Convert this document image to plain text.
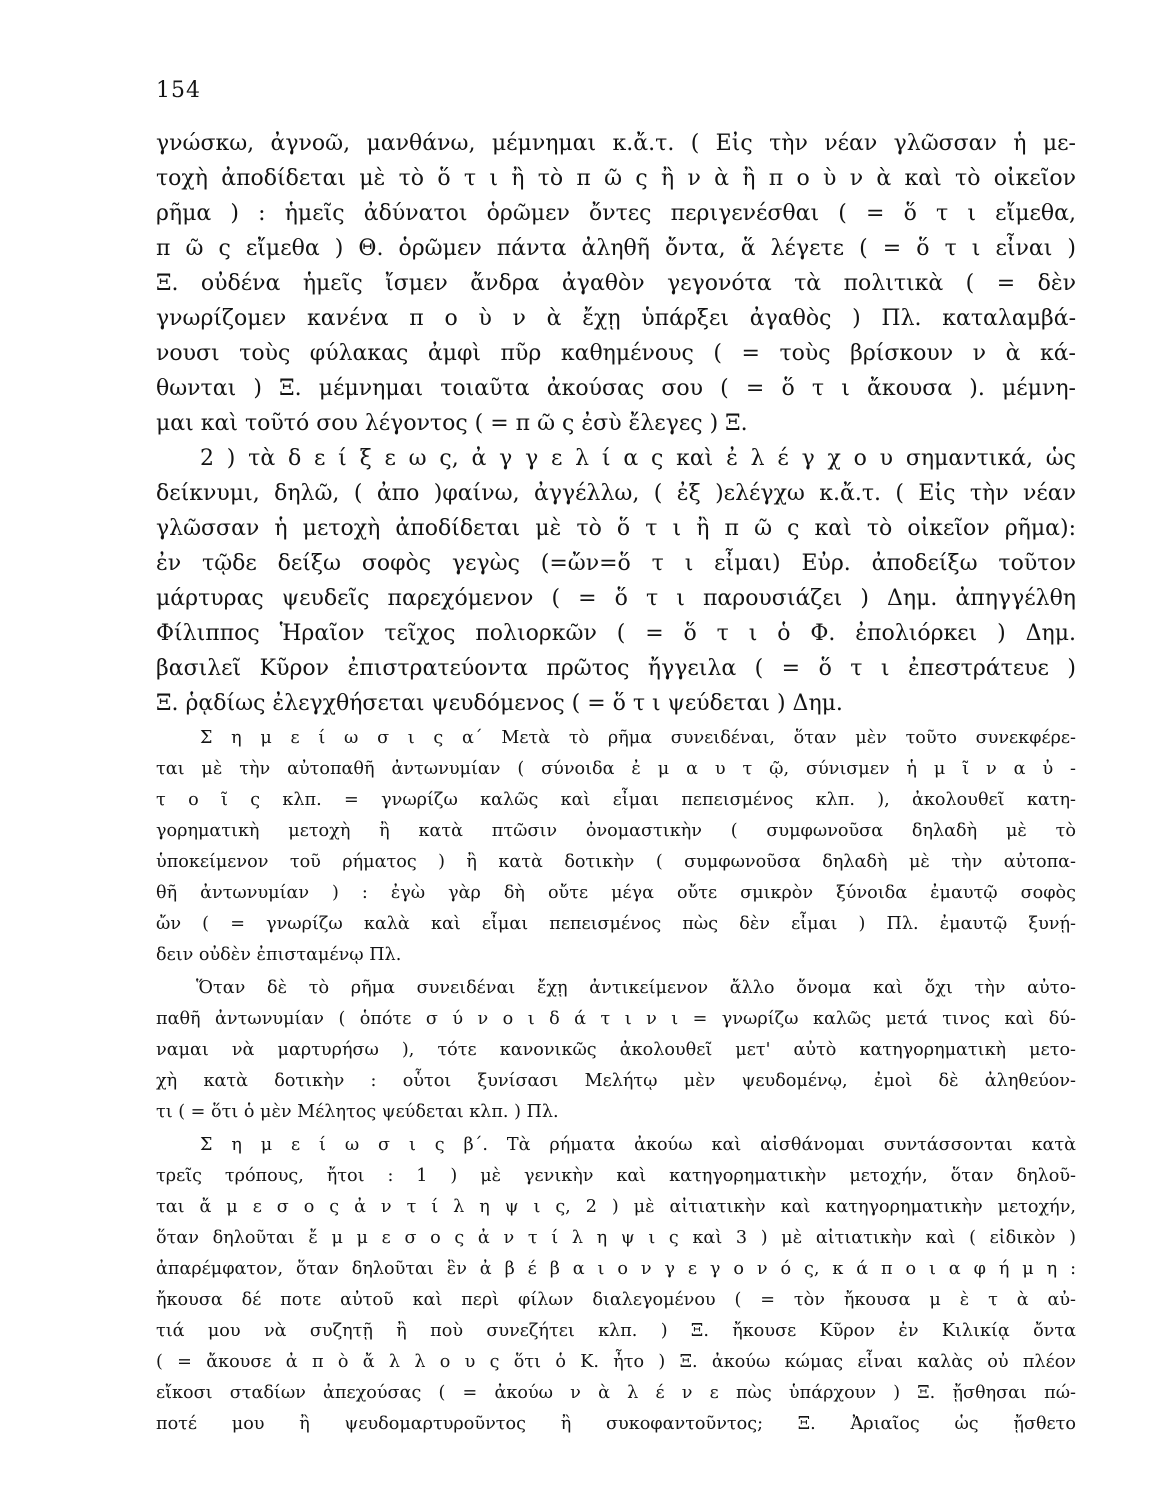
154
γνώσκω, ἀγνοῶ, μανθάνω, μέμνημαι κ.ἄ.τ. ( Εἰς τὴν νέαν γλῶσσαν ἡ με-
τοχὴ ἀποδίδεται μὲ τὸ ὅ τ ι ἢ τὸ π ῶ ς ἢ ν ὰ ἢ π ο ὺ ν ὰ καὶ τὸ οἰκεῖον
ρῆμα ) : ἡμεῖς ἀδύνατοι ὁρῶμεν ὄντες περιγενέσθαι ( = ὅ τ ι εἴμεθα,
π ῶ ς εἴμεθα ) Θ. ὁρῶμεν πάντα ἀληθῆ ὄντα, ἅ λέγετε ( = ὅ τ ι εἶναι )
Ξ. οὐδένα ἡμεῖς ἴσμεν ἄνδρα ἀγαθὸν γεγονότα τὰ πολιτικὰ ( = δὲν
γνωρίζομεν κανένα π ο ὺ ν ὰ ἔχῃ ὑπάρξει ἀγαθὸς ) Πλ. καταλαμβά-
νουσι τοὺς φύλακας ἀμφὶ πῦρ καθημένους ( = τοὺς βρίσκουν ν ὰ κά-
θωνται ) Ξ. μέμνημαι τοιαῦτα ἀκούσας σου ( = ὅ τ ι ἄκουσα ). μέμνη-
μαι καὶ τοῦτό σου λέγοντος ( = π ῶ ς ἐσὺ ἔλεγες ) Ξ.
2 ) τὰ δ ε ί ξ ε ω ς, ἀ γ γ ε λ ί α ς καὶ ἐ λ έ γ χ ο υ σημαντικά, ὡς
δείκνυμι, δηλῶ, ( ἀπο )φαίνω, ἀγγέλλω, ( ἐξ )ελέγχω κ.ἄ.τ. ( Εἰς τὴν νέαν
γλῶσσαν ἡ μετοχὴ ἀποδίδεται μὲ τὸ ὅ τ ι ἢ π ῶ ς καὶ τὸ οἰκεῖον ρῆμα):
ἐν τῷδε δείξω σοφὸς γεγὼς (=ὤν=ὅ τ ι εἶμαι) Εὐρ. ἀποδείξω τοῦτον
μάρτυρας ψευδεῖς παρεχόμενον ( = ὅ τ ι παρουσιάζει ) Δημ. ἀπηγγέλθη
Φίλιππος Ἡραῖον τεῖχος πολιορκῶν ( = ὅ τ ι ὁ Φ. ἐπολιόρκει ) Δημ.
βασιλεῖ Κῦρον ἐπιστρατεύοντα πρῶτος ἤγγειλα ( = ὅ τ ι ἐπεστράτευε )
Ξ. ῥᾳδίως ἐλεγχθήσεται ψευδόμενος ( = ὅ τ ι ψεύδεται ) Δημ.
Σ η μ ε ί ω σ ι ς α΄ Μετὰ τὸ ρῆμα συνειδέναι, ὅταν μὲν τοῦτο συνεκφέρε-
ται μὲ τὴν αὐτοπαθῆ ἀντωνυμίαν ( σύνοιδα ἐ μ α υ τ ῷ, σύνισμεν ἡ μ ῖ ν α ὐ -
τ ο ῖ ς κλπ. = γνωρίζω καλῶς καὶ εἶμαι πεπεισμένος κλπ. ), ἀκολουθεῖ κατη-
γορηματικὴ μετοχὴ ἢ κατὰ πτῶσιν ὀνομαστικὴν ( συμφωνοῦσα δηλαδὴ μὲ τὸ
ὑποκείμενον τοῦ ρήματος ) ἢ κατὰ δοτικὴν ( συμφωνοῦσα δηλαδὴ μὲ τὴν αὐτοπα-
θῆ ἀντωνυμίαν ) : ἐγὼ γὰρ δὴ οὔτε μέγα οὔτε σμικρὸν ξύνοιδα ἐμαυτῷ σοφὸς
ὤν ( = γνωρίζω καλὰ καὶ εἶμαι πεπεισμένος πὼς δὲν εἶμαι ) Πλ. ἐμαυτῷ ξυνῄ-
δειν οὐδὲν ἐπισταμένῳ Πλ.
Ὅταν δὲ τὸ ρῆμα συνειδέναι ἔχῃ ἀντικείμενον ἄλλο ὄνομα καὶ ὄχι τὴν αὐτο-
παθῆ ἀντωνυμίαν ( ὁπότε σ ύ ν ο ι δ ά τ ι ν ι = γνωρίζω καλῶς μετά τινος καὶ δύ-
ναμαι νὰ μαρτυρήσω ), τότε κανονικῶς ἀκολουθεῖ μετ' αὐτὸ κατηγορηματικὴ μετο-
χὴ κατὰ δοτικὴν : οὗτοι ξυνίσασι Μελήτῳ μὲν ψευδομένῳ, ἐμοὶ δὲ ἀληθεύον-
τι ( = ὅτι ὁ μὲν Μέλητος ψεύδεται κλπ. ) Πλ.
Σ η μ ε ί ω σ ι ς β΄. Τὰ ρήματα ἀκούω καὶ αἰσθάνομαι συντάσσονται κατὰ
τρεῖς τρόπους, ἤτοι : 1 ) μὲ γενικὴν καὶ κατηγορηματικὴν μετοχήν, ὅταν δηλοῦ-
ται ἄ μ ε σ ο ς ἀ ν τ ί λ η ψ ι ς, 2 ) μὲ αἰτιατικὴν καὶ κατηγορηματικὴν μετοχήν,
ὅταν δηλοῦται ἔ μ μ ε σ ο ς ἀ ν τ ί λ η ψ ι ς καὶ 3 ) μὲ αἰτιατικὴν καὶ ( εἰδικὸν )
ἀπαρέμφατον, ὅταν δηλοῦται ἓν ἀ β έ β α ι ο ν γ ε γ ο ν ό ς, κ ά π ο ι α φ ή μ η :
ἤκουσα δέ ποτε αὐτοῦ καὶ περὶ φίλων διαλεγομένου ( = τὸν ἤκουσα μ ὲ τ ὰ αὐ-
τιά μου νὰ συζητῇ ἢ ποὺ συνεζήτει κλπ. ) Ξ. ἤκουσε Κῦρον ἐν Κιλικίᾳ ὄντα
( = ἄκουσε ἀ π ὸ ἄ λ λ ο υ ς ὅτι ὁ Κ. ἦτο ) Ξ. ἀκούω κώμας εἶναι καλὰς οὐ πλέον
εἴκοσι σταδίων ἀπεχούσας ( = ἀκούω ν ὰ λ έ ν ε πὼς ὑπάρχουν ) Ξ. ᾔσθησαι πώ-
ποτέ μου ἢ ψευδομαρτυροῦντος ἢ συκοφαντοῦντος; Ξ. Ἀριαῖος ὡς ᾔσθετο
